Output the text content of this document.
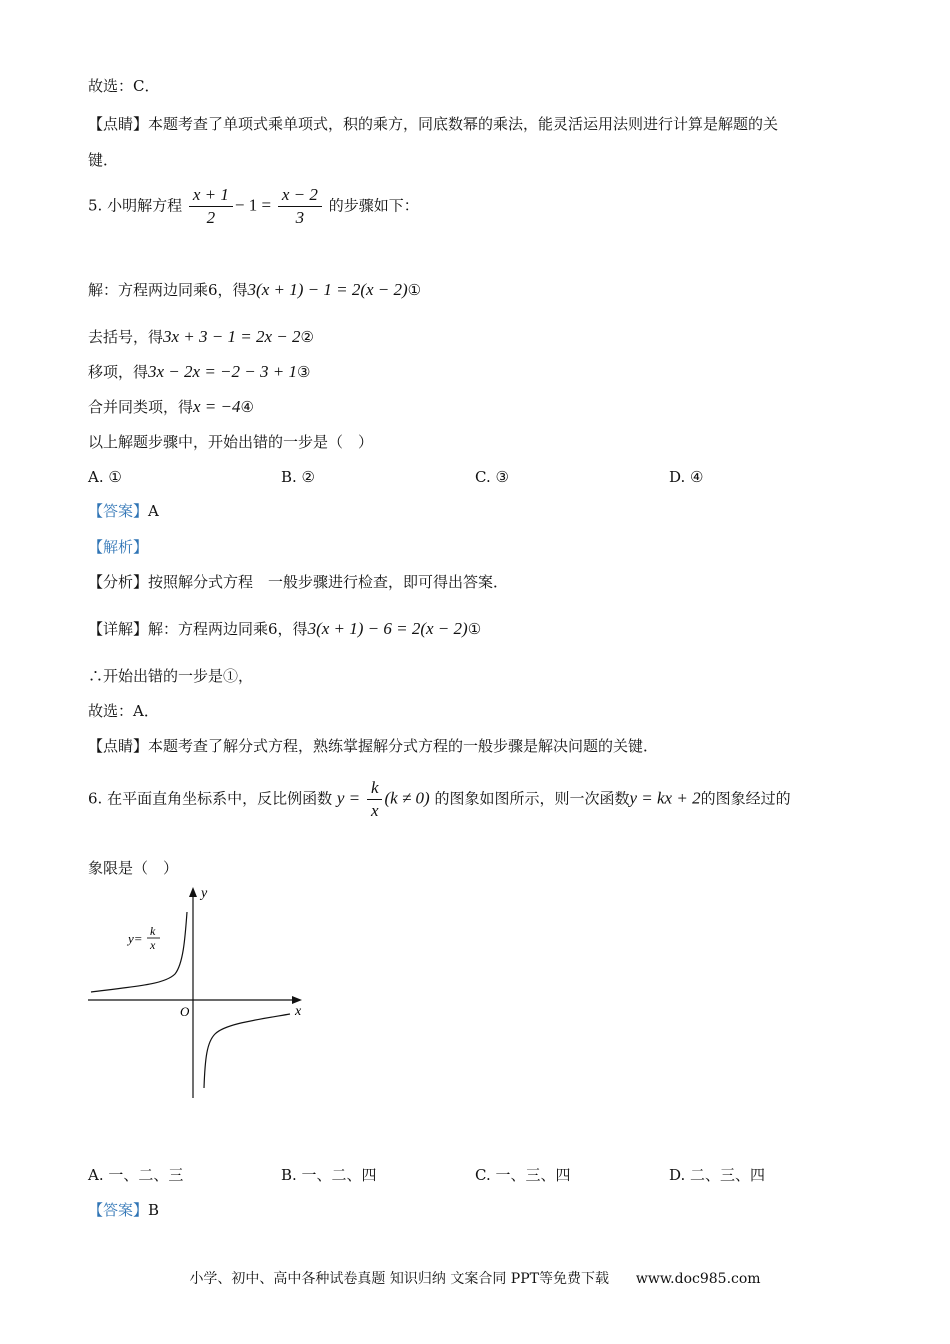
故选：C．
【点睛】本题考查了单项式乘单项式，积的乘方，同底数幂的乘法，能灵活运用法则进行计算是解题的关
键．
5. 小明解方程 $\frac{x + 1}{2} - 1 = \frac{x - 2}{3}$ 的步骤如下：
解：方程两边同乘6，得3(x + 1) − 1 = 2(x − 2)①
去括号，得3x + 3 − 1 = 2x − 2②
移项，得3x − 2x = −2 − 3 + 1③
合并同类项，得x = −4④
以上解题步骤中，开始出错的一步是（　）
A. ①	B. ②	C. ③	D. ④
【答案】A
【解析】
【分析】按照解分式方程　一般步骤进行检查，即可得出答案．
【详解】解：方程两边同乘6，得3(x + 1) − 6 = 2(x − 2)①
∴开始出错的一步是①，
故选：A．
【点睛】本题考查了解分式方程，熟练掌握解分式方程的一般步骤是解决问题的关键．
6. 在平面直角坐标系中，反比例函数 $y = \frac{k}{x} (k \ne 0)$ 的图象如图所示，则一次函数y = kx + 2的图象经过的
象限是（　）
y
x
O
y= k
x
A. 一、二、三	B. 一、二、四	C. 一、三、四	D. 二、三、四
【答案】B
小学、初中、高中各种试卷真题 知识归纳 文案合同 PPT等免费下载 www.doc985.com
